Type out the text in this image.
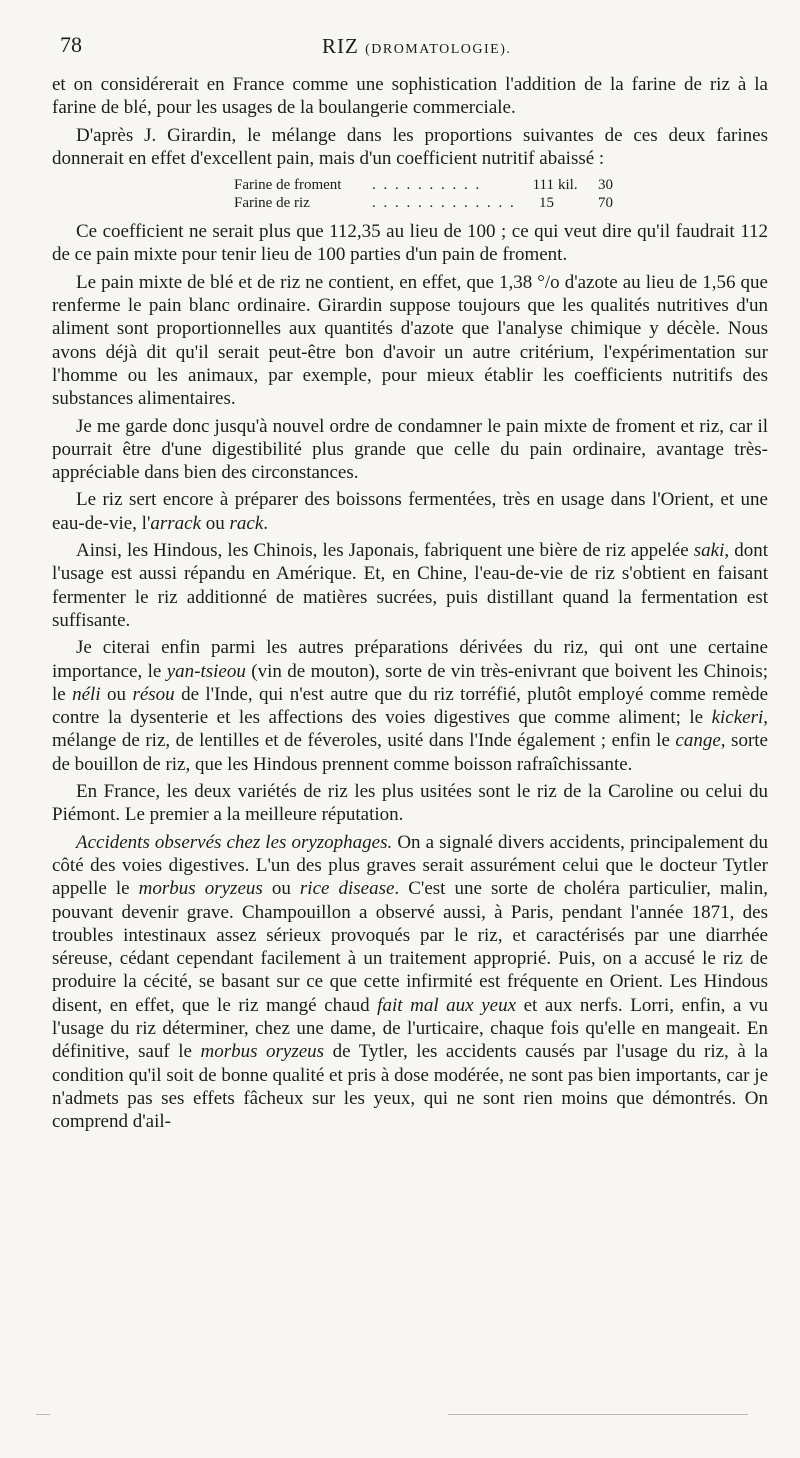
78	RIZ (DROMATOLOGIE).

et on considérerait en France comme une sophistication l'addition de la farine de riz à la farine de blé, pour les usages de la boulangerie commerciale.

D'après J. Girardin, le mélange dans les proportions suivantes de ces deux farines donnerait en effet d'excellent pain, mais d'un coefficient nutritif abaissé :

Farine de froment . . . . . . . . . .	111 kil. 30
Farine de riz	. . . . . . . . . . . . .	15	70

Ce coefficient ne serait plus que 112,35 au lieu de 100 ; ce qui veut dire qu'il faudrait 112 de ce pain mixte pour tenir lieu de 100 parties d'un pain de froment.

Le pain mixte de blé et de riz ne contient, en effet, que 1,38 °/o d'azote au lieu de 1,56 que renferme le pain blanc ordinaire. Girardin suppose toujours que les qualités nutritives d'un aliment sont proportionnelles aux quantités d'azote que l'analyse chimique y décèle. Nous avons déjà dit qu'il serait peut-être bon d'avoir un autre critérium, l'expérimentation sur l'homme ou les animaux, par exemple, pour mieux établir les coefficients nutritifs des substances alimentaires.

Je me garde donc jusqu'à nouvel ordre de condamner le pain mixte de froment et riz, car il pourrait être d'une digestibilité plus grande que celle du pain ordinaire, avantage très-appréciable dans bien des circonstances.

Le riz sert encore à préparer des boissons fermentées, très en usage dans l'Orient, et une eau-de-vie, l'arrack ou rack.

Ainsi, les Hindous, les Chinois, les Japonais, fabriquent une bière de riz appelée saki, dont l'usage est aussi répandu en Amérique. Et, en Chine, l'eau-de-vie de riz s'obtient en faisant fermenter le riz additionné de matières sucrées, puis distillant quand la fermentation est suffisante.

Je citerai enfin parmi les autres préparations dérivées du riz, qui ont une certaine importance, le yan-tsieou (vin de mouton), sorte de vin très-enivrant que boivent les Chinois; le néli ou résou de l'Inde, qui n'est autre que du riz torréfié, plutôt employé comme remède contre la dysenterie et les affections des voies digestives que comme aliment; le kickeri, mélange de riz, de lentilles et de féveroles, usité dans l'Inde également ; enfin le cange, sorte de bouillon de riz, que les Hindous prennent comme boisson rafraîchissante.

En France, les deux variétés de riz les plus usitées sont le riz de la Caroline ou celui du Piémont. Le premier a la meilleure réputation.

Accidents observés chez les oryzophages. On a signalé divers accidents, principalement du côté des voies digestives. L'un des plus graves serait assurément celui que le docteur Tytler appelle le morbus oryzeus ou rice disease. C'est une sorte de choléra particulier, malin, pouvant devenir grave. Champouillon a observé aussi, à Paris, pendant l'année 1871, des troubles intestinaux assez sérieux provoqués par le riz, et caractérisés par une diarrhée séreuse, cédant cependant facilement à un traitement approprié. Puis, on a accusé le riz de produire la cécité, se basant sur ce que cette infirmité est fréquente en Orient. Les Hindous disent, en effet, que le riz mangé chaud fait mal aux yeux et aux nerfs. Lorri, enfin, a vu l'usage du riz déterminer, chez une dame, de l'urticaire, chaque fois qu'elle en mangeait. En définitive, sauf le morbus oryzeus de Tytler, les accidents causés par l'usage du riz, à la condition qu'il soit de bonne qualité et pris à dose modérée, ne sont pas bien importants, car je n'admets pas ses effets fâcheux sur les yeux, qui ne sont rien moins que démontrés. On comprend d'ail-
